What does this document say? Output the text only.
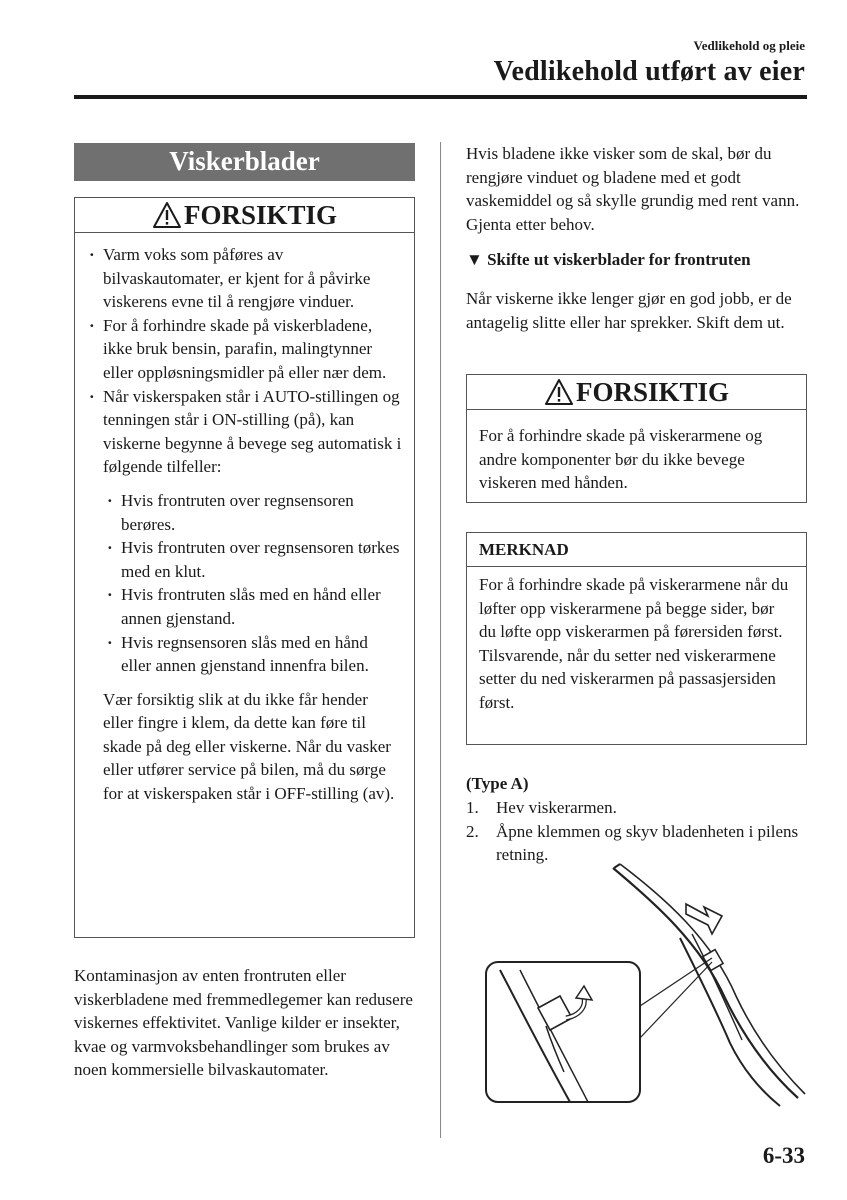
Vedlikehold og pleie
Vedlikehold utført av eier
Viskerblader
FORSIKTIG
· Varm voks som påføres av bilvaskautomater, er kjent for å påvirke viskerens evne til å rengjøre vinduer.
· For å forhindre skade på viskerbladene, ikke bruk bensin, parafin, malingtynner eller oppløsningsmidler på eller nær dem.
· Når viskerspaken står i AUTO-stillingen og tenningen står i ON-stilling (på), kan viskerne begynne å bevege seg automatisk i følgende tilfeller:
· Hvis frontruten over regnsensoren berøres.
· Hvis frontruten over regnsensoren tørkes med en klut.
· Hvis frontruten slås med en hånd eller annen gjenstand.
· Hvis regnsensoren slås med en hånd eller annen gjenstand innenfra bilen.
Vær forsiktig slik at du ikke får hender eller fingre i klem, da dette kan føre til skade på deg eller viskerne. Når du vasker eller utfører service på bilen, må du sørge for at viskerspaken står i OFF-stilling (av).
Kontaminasjon av enten frontruten eller viskerbladene med fremmedlegemer kan redusere viskernes effektivitet. Vanlige kilder er insekter, kvae og varmvoksbehandlinger som brukes av noen kommersielle bilvaskautomater.
Hvis bladene ikke visker som de skal, bør du rengjøre vinduet og bladene med et godt vaskemiddel og så skylle grundig med rent vann. Gjenta etter behov.
▼ Skifte ut viskerblader for frontruten
Når viskerne ikke lenger gjør en god jobb, er de antagelig slitte eller har sprekker. Skift dem ut.
FORSIKTIG
For å forhindre skade på viskerarmene og andre komponenter bør du ikke bevege viskeren med hånden.
MERKNAD
For å forhindre skade på viskerarmene når du løfter opp viskerarmene på begge sider, bør du løfte opp viskerarmen på førersiden først. Tilsvarende, når du setter ned viskerarmene setter du ned viskerarmen på passasjersiden først.
(Type A)
1. Hev viskerarmen.
2. Åpne klemmen og skyv bladenheten i pilens retning.
6-33
